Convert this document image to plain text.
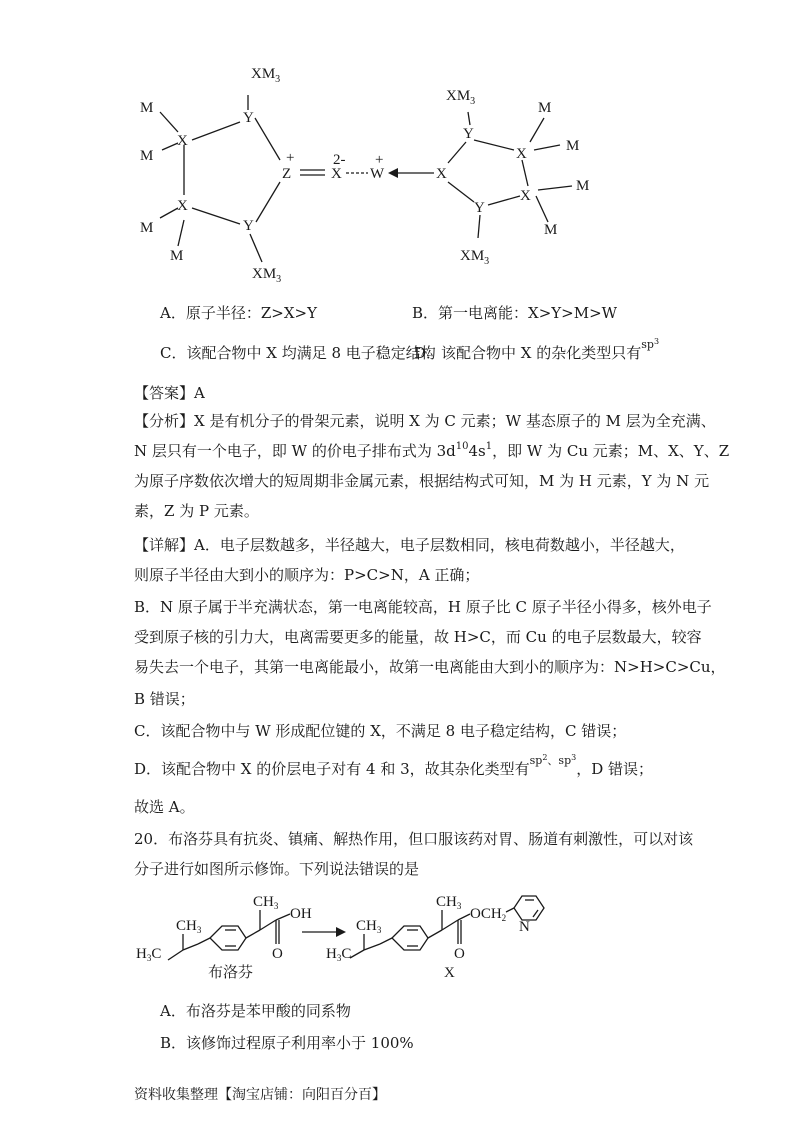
$XM_3$
Y
M
X
M
Z
+
X
Y
M
M
$XM_3$
X
2-
W
+
$XM_3$
Y
M
X	M
X
X
M
Y
M
$XM_3$
A．原子半径：Z>X>Y	B．第一电离能：X>Y>M>W
C．该配合物中 X 均满足 8 电子稳定结构
D．该配合物中 X 的杂化类型只有$^{sp^3}$
【答案】A
【分析】X 是有机分子的骨架元素，说明 X 为 C 元素；W 基态原子的 M 层为全充满、
N 层只有一个电子，即 W 的价电子排布式为 $3d^{10}4s^1$，即 W 为 Cu 元素；M、X、Y、Z
为原子序数依次增大的短周期非金属元素，根据结构式可知，M 为 H 元素，Y 为 N 元
素，Z 为 P 元素。
【详解】A．电子层数越多，半径越大，电子层数相同，核电荷数越小，半径越大，
则原子半径由大到小的顺序为：P>C>N，A 正确；
B．N 原子属于半充满状态，第一电离能较高，H 原子比 C 原子半径小得多，核外电子
受到原子核的引力大，电离需要更多的能量，故 H>C，而 Cu 的电子层数最大，较容
易失去一个电子，其第一电离能最小，故第一电离能由大到小的顺序为：N>H>C>Cu，
B 错误；
C．该配合物中与 W 形成配位键的 X，不满足 8 电子稳定结构，C 错误；
D．该配合物中 X 的价层电子对有 4 和 3，故其杂化类型有$^{sp^2、sp^3}$，D 错误；
故选 A。
20．布洛芬具有抗炎、镇痛、解热作用，但口服该药对胃、肠道有刺激性，可以对该
分子进行如图所示修饰。下列说法错误的是
$CH_3$
$H_3C$
$CH_3$
O
OH
布洛芬
$CH_3$
$H_3C$
$CH_3$
O
$OCH_2$
N
X
A．布洛芬是苯甲酸的同系物
B．该修饰过程原子利用率小于 100%
资料收集整理【淘宝店铺：向阳百分百】
